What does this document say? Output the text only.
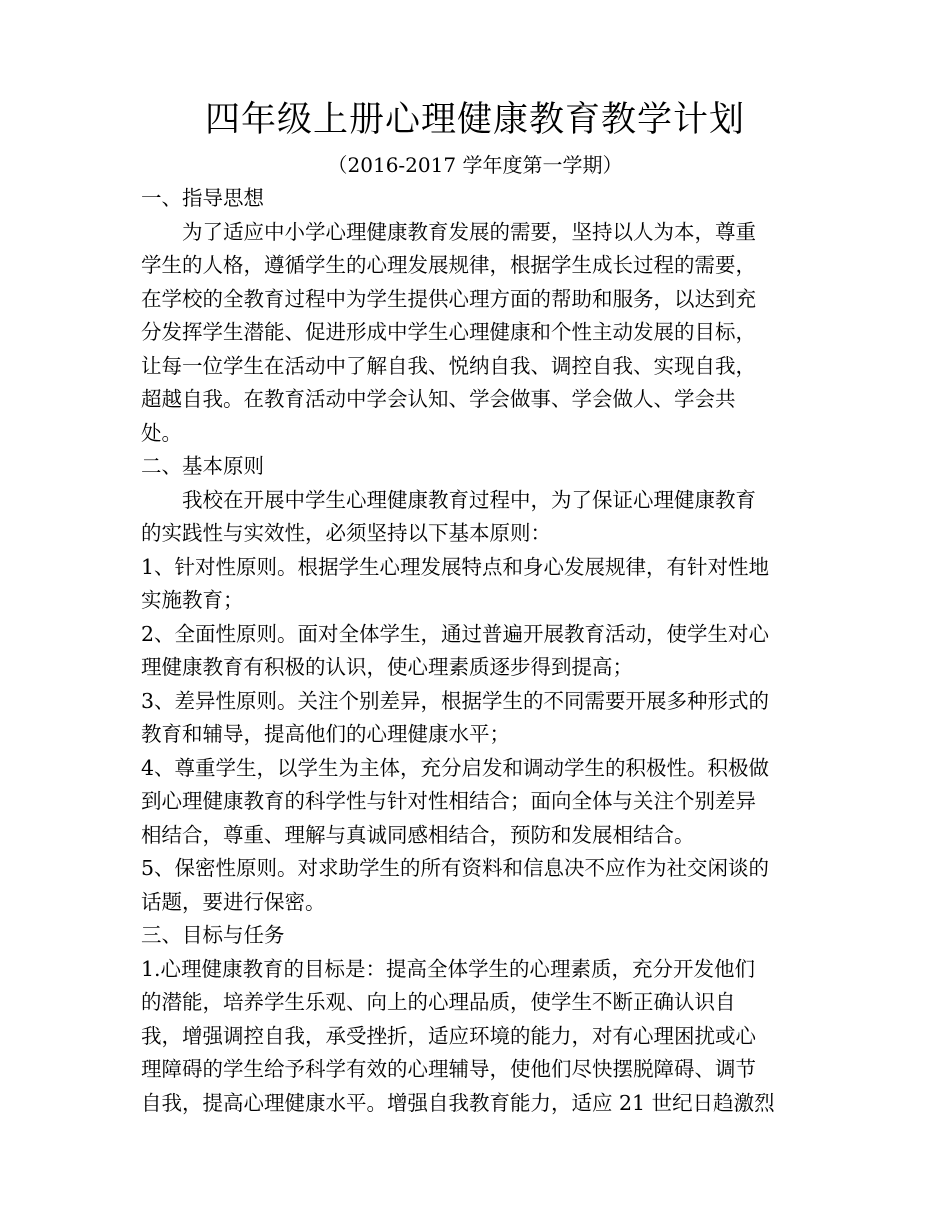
四年级上册心理健康教育教学计划
（2016-2017 学年度第一学期）
一、指导思想
　　为了适应中小学心理健康教育发展的需要，坚持以人为本，尊重
学生的人格，遵循学生的心理发展规律，根据学生成长过程的需要，
在学校的全教育过程中为学生提供心理方面的帮助和服务，以达到充
分发挥学生潜能、促进形成中学生心理健康和个性主动发展的目标，
让每一位学生在活动中了解自我、悦纳自我、调控自我、实现自我，
超越自我。在教育活动中学会认知、学会做事、学会做人、学会共
处。
二、基本原则
　　我校在开展中学生心理健康教育过程中，为了保证心理健康教育
的实践性与实效性，必须坚持以下基本原则：
1、针对性原则。根据学生心理发展特点和身心发展规律，有针对性地
实施教育；
2、全面性原则。面对全体学生，通过普遍开展教育活动，使学生对心
理健康教育有积极的认识，使心理素质逐步得到提高；
3、差异性原则。关注个别差异，根据学生的不同需要开展多种形式的
教育和辅导，提高他们的心理健康水平；
4、尊重学生，以学生为主体，充分启发和调动学生的积极性。积极做
到心理健康教育的科学性与针对性相结合；面向全体与关注个别差异
相结合，尊重、理解与真诚同感相结合，预防和发展相结合。
5、保密性原则。对求助学生的所有资料和信息决不应作为社交闲谈的
话题，要进行保密。
三、目标与任务
1.心理健康教育的目标是：提高全体学生的心理素质，充分开发他们
的潜能，培养学生乐观、向上的心理品质，使学生不断正确认识自
我，增强调控自我，承受挫折，适应环境的能力，对有心理困扰或心
理障碍的学生给予科学有效的心理辅导，使他们尽快摆脱障碍、调节
自我，提高心理健康水平。增强自我教育能力，适应 21 世纪日趋激烈
